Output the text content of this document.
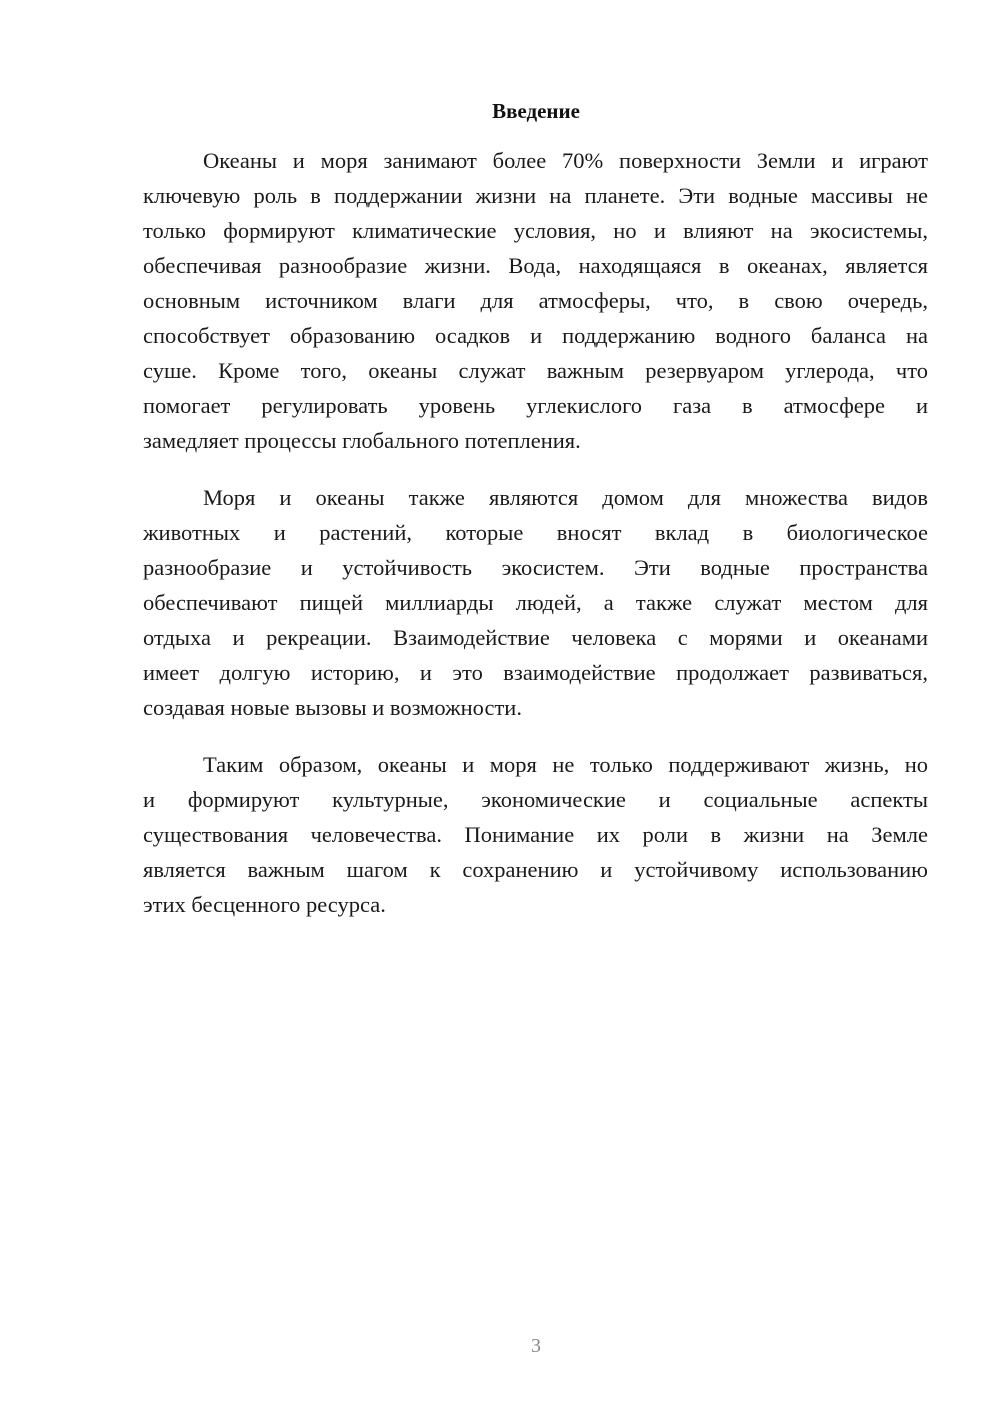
Введение
Океаны и моря занимают более 70% поверхности Земли и играют
ключевую роль в поддержании жизни на планете. Эти водные массивы не
только формируют климатические условия, но и влияют на экосистемы,
обеспечивая разнообразие жизни. Вода, находящаяся в океанах, является
основным источником влаги для атмосферы, что, в свою очередь,
способствует образованию осадков и поддержанию водного баланса на
суше. Кроме того, океаны служат важным резервуаром углерода, что
помогает регулировать уровень углекислого газа в атмосфере и
замедляет процессы глобального потепления.
Моря и океаны также являются домом для множества видов
животных и растений, которые вносят вклад в биологическое
разнообразие и устойчивость экосистем. Эти водные пространства
обеспечивают пищей миллиарды людей, а также служат местом для
отдыха и рекреации. Взаимодействие человека с морями и океанами
имеет долгую историю, и это взаимодействие продолжает развиваться,
создавая новые вызовы и возможности.
Таким образом, океаны и моря не только поддерживают жизнь, но
и формируют культурные, экономические и социальные аспекты
существования человечества. Понимание их роли в жизни на Земле
является важным шагом к сохранению и устойчивому использованию
этих бесценного ресурса.
3
